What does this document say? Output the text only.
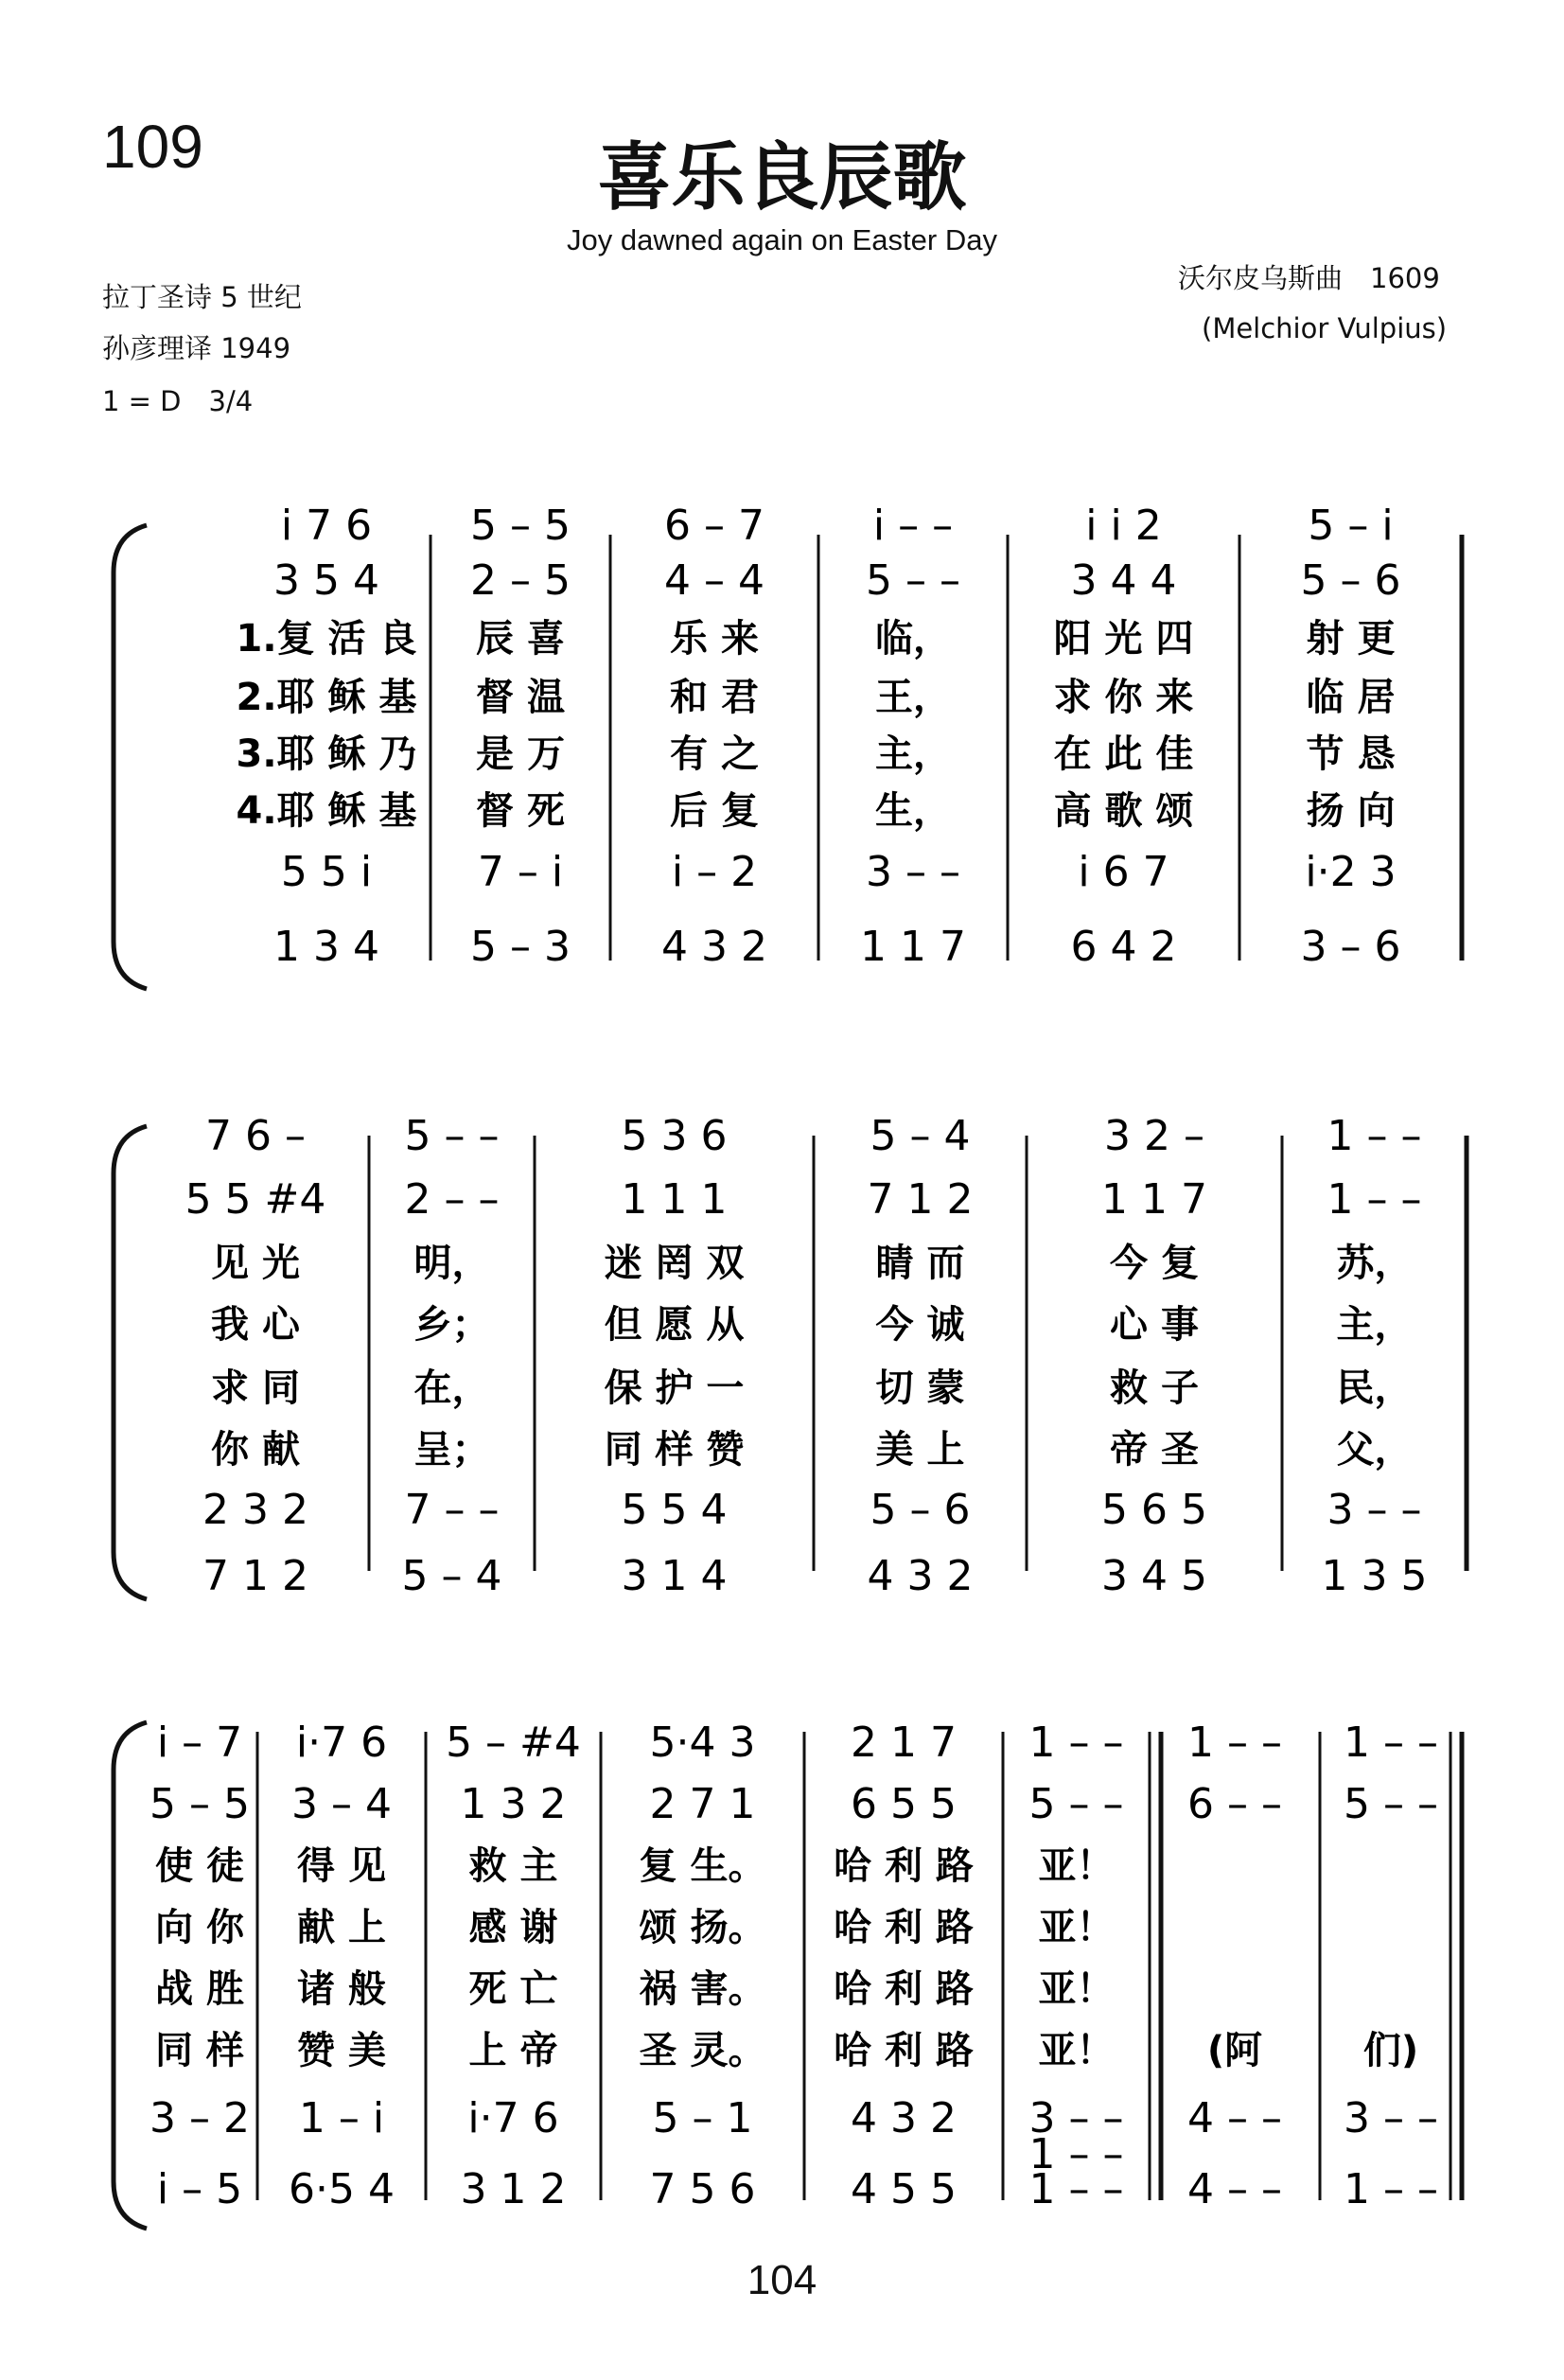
109	喜乐良辰歌
Joy dawned again on Easter Day
拉丁圣诗 5 世纪
孙彦理译 1949
1 = D　3/4
沃尔皮乌斯曲　1609
(Melchior Vulpius)
i 7 6
3 5 4
5 5 i
1 3 4
1.复 活 良
2.耶 稣 基
3.耶 稣 乃
4.耶 稣 基
5 – 5
2 – 5
7 – i
5 – 3
辰 喜
督 温
是 万
督 死
6 – 7
4 – 4
i – 2
4 3 2
乐 来
和 君
有 之
后 复
i – –
5 – –
3 – –
1 1 7
临，
王，
主，
生，
i i 2
3 4 4
i 6 7
6 4 2
阳 光 四
求 你 来
在 此 佳
高 歌 颂
5 – i
5 – 6
i·2 3
3 – 6
射 更
临 居
节 恳
扬 向
7 6 –
5 5 #4
2 3 2
7 1 2
见 光
我 心
求 同
你 献
5 – –
2 – –
7 – –
5 – 4
明，
乡；
在，
呈；
5 3 6
1 1 1
5 5 4
3 1 4
迷 罔 双
但 愿 从
保 护 一
同 样 赞
5 – 4
7 1 2
5 – 6
4 3 2
睛 而
今 诚
切 蒙
美 上
3 2 –
1 1 7
5 6 5
3 4 5
今 复
心 事
救 子
帝 圣
1 – –
1 – –
3 – –
1 3 5
苏，
主，
民，
父，
i – 7
5 – 5
3 – 2
i – 5
使 徒
向 你
战 胜
同 样
i·7 6
3 – 4
1 – i
6·5 4
得 见
献 上
诸 般
赞 美
5 – #4
1 3 2
i·7 6
3 1 2
救 主
感 谢
死 亡
上 帝
5·4 3
2 7 1
5 – 1
7 5 6
复 生。
颂 扬。
祸 害。
圣 灵。
2 1 7
6 5 5
4 3 2
4 5 5
哈 利 路
哈 利 路
哈 利 路
哈 利 路
1 – –
5 – –
3 – –
1 – –
1 – –
亚！
亚！
亚！
亚！
1 – –
6 – –
4 – –
4 – –
(阿
1 – –
5 – –
3 – –
1 – –
们)
104
